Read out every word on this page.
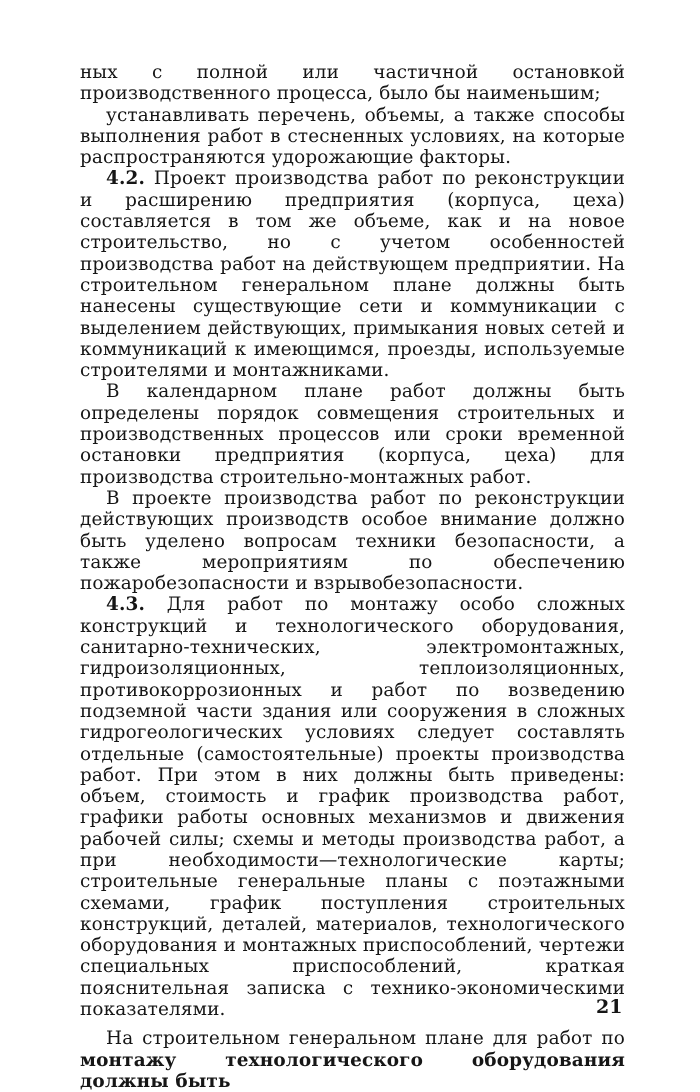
ных с полной или частичной остановкой производственного процесса, было бы наименьшим;

устанавливать перечень, объемы, а также способы выполнения работ в стесненных условиях, на которые распространяются удорожающие факторы.

4.2. Проект производства работ по реконструкции и расширению предприятия (корпуса, цеха) составляется в том же объеме, как и на новое строительство, но с учетом особенностей производства работ на действующем предприятии. На строительном генеральном плане должны быть нанесены существующие сети и коммуникации с выделением действующих, примыкания новых сетей и коммуникаций к имеющимся, проезды, используемые строителями и монтажниками.

В календарном плане работ должны быть определены порядок совмещения строительных и производственных процессов или сроки временной остановки предприятия (корпуса, цеха) для производства строительно-монтажных работ.

В проекте производства работ по реконструкции действующих производств особое внимание должно быть уделено вопросам техники безопасности, а также мероприятиям по обеспечению пожаробезопасности и взрывобезопасности.

4.3. Для работ по монтажу особо сложных конструкций и технологического оборудования, санитарно-технических, электромонтажных, гидроизоляционных, теплоизоляционных, противокоррозионных и работ по возведению подземной части здания или сооружения в сложных гидрогеологических условиях следует составлять отдельные (самостоятельные) проекты производства работ. При этом в них должны быть приведены: объем, стоимость и график производства работ, графики работы основных механизмов и движения рабочей силы; схемы и методы производства работ, а при необходимости—технологические карты; строительные генеральные планы с поэтажными схемами, график поступления строительных конструкций, деталей, материалов, технологического оборудования и монтажных приспособлений, чертежи специальных приспособлений, краткая пояснительная записка с технико-экономическими показателями.

На строительном генеральном плане для работ по монтажу технологического оборудования должны быть

21
